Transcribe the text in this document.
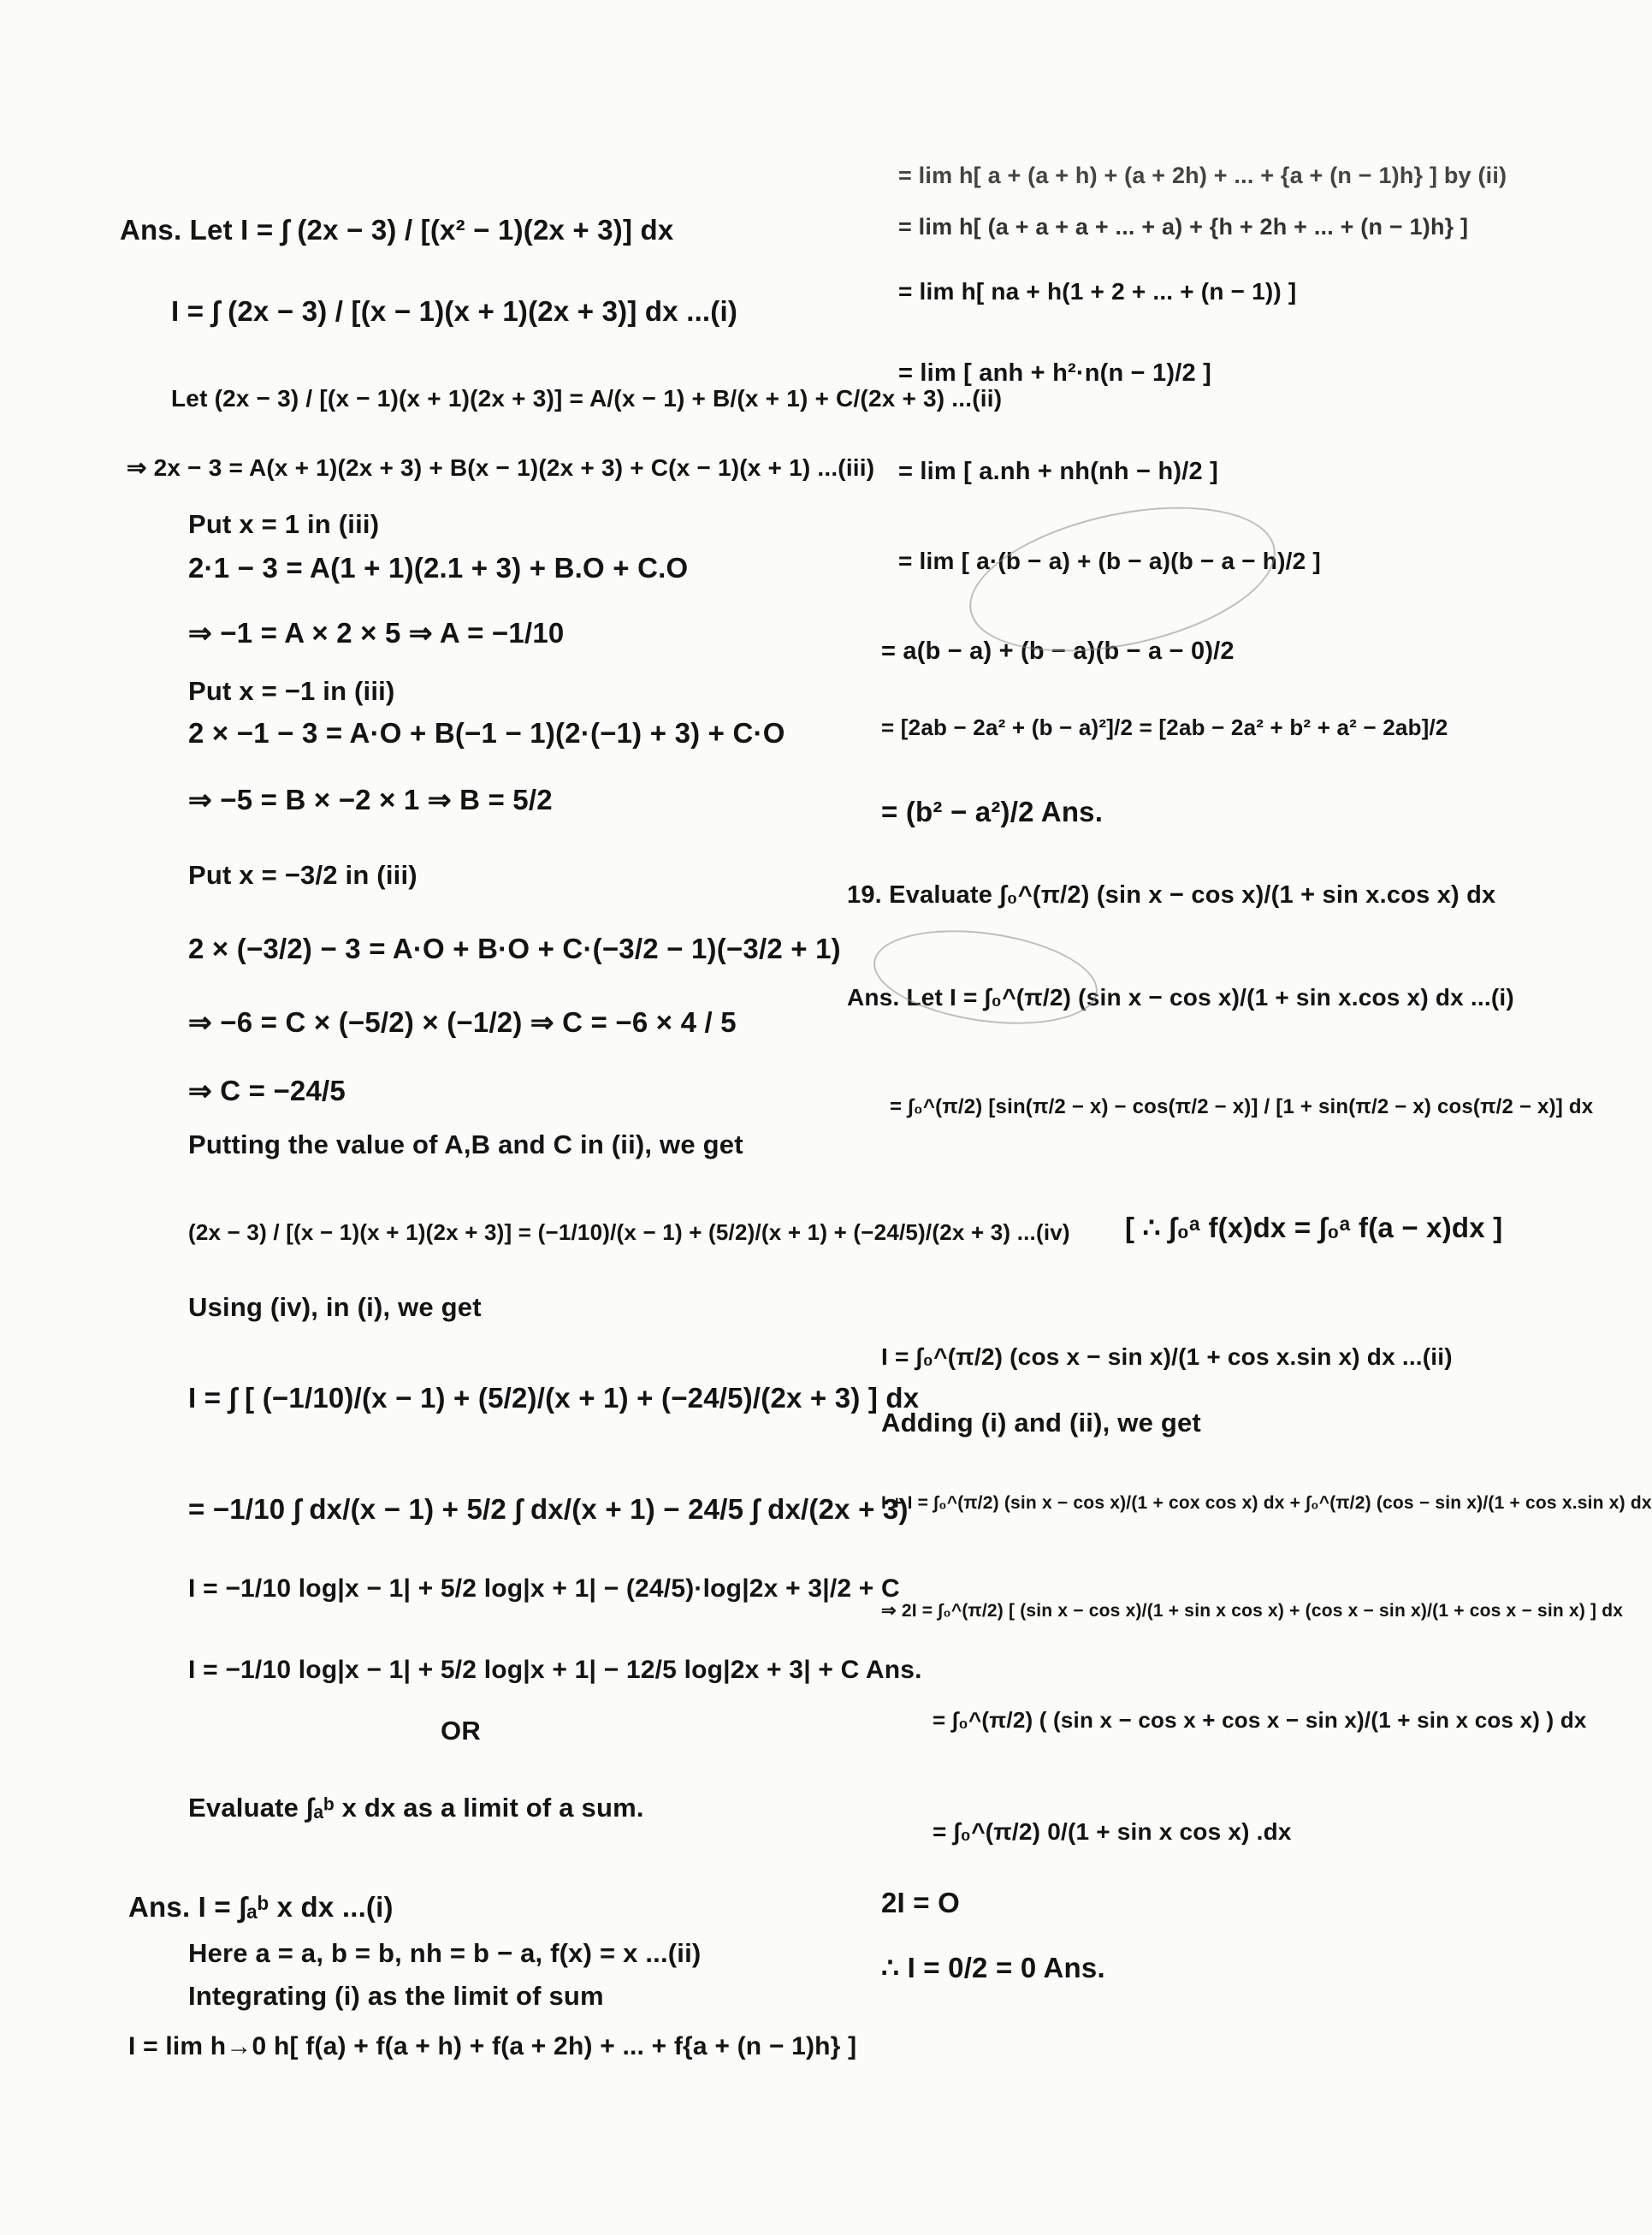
Ans. Let I = ∫ (2x − 3) / [(x² − 1)(2x + 3)] dx
I = ∫ (2x − 3) / [(x − 1)(x + 1)(2x + 3)] dx ...(i)
Let (2x − 3) / [(x − 1)(x + 1)(2x + 3)] = A/(x − 1) + B/(x + 1) + C/(2x + 3) ...(ii)
⇒ 2x − 3 = A(x + 1)(2x + 3) + B(x − 1)(2x + 3) + C(x − 1)(x + 1) ...(iii)
Put x = 1 in (iii)
2·1 − 3 = A(1 + 1)(2.1 + 3) + B.O + C.O
⇒ −1 = A × 2 × 5 ⇒ A = −1/10
Put x = −1 in (iii)
2 × −1 − 3 = A·O + B(−1 − 1)(2·(−1) + 3) + C·O
⇒ −5 = B × −2 × 1 ⇒ B = 5/2
Put x = −3/2 in (iii)
2 × (−3/2) − 3 = A·O + B·O + C·(−3/2 − 1)(−3/2 + 1)
⇒ −6 = C × (−5/2) × (−1/2) ⇒ C = −6 × 4 / 5
⇒ C = −24/5
Putting the value of A,B and C in (ii), we get
(2x − 3) / [(x − 1)(x + 1)(2x + 3)] = (−1/10)/(x − 1) + (5/2)/(x + 1) + (−24/5)/(2x + 3) ...(iv)
Using (iv), in (i), we get
I = ∫ [ (−1/10)/(x − 1) + (5/2)/(x + 1) + (−24/5)/(2x + 3) ] dx
= −1/10 ∫ dx/(x − 1) + 5/2 ∫ dx/(x + 1) − 24/5 ∫ dx/(2x + 3)
I = −1/10 log|x − 1| + 5/2 log|x + 1| − (24/5)·log|2x + 3|/2 + C
I = −1/10 log|x − 1| + 5/2 log|x + 1| − 12/5 log|2x + 3| + C Ans.
OR
Evaluate ∫ₐᵇ x dx as a limit of a sum.
Ans. I = ∫ₐᵇ x dx ...(i)
Here a = a, b = b, nh = b − a, f(x) = x ...(ii)
Integrating (i) as the limit of sum
I = lim h→0 h[ f(a) + f(a + h) + f(a + 2h) + ... + f{a + (n − 1)h} ]
= lim h[ a + (a + h) + (a + 2h) + ... + {a + (n − 1)h} ] by (ii)
= lim h[ (a + a + a + ... + a) + {h + 2h + ... + (n − 1)h} ]
= lim h[ na + h(1 + 2 + ... + (n − 1)) ]
= lim [ anh + h²·n(n − 1)/2 ]
= lim [ a.nh + nh(nh − h)/2 ]
= lim [ a·(b − a) + (b − a)(b − a − h)/2 ]
= a(b − a) + (b − a)(b − a − 0)/2
= [2ab − 2a² + (b − a)²]/2 = [2ab − 2a² + b² + a² − 2ab]/2
= (b² − a²)/2 Ans.
19. Evaluate ∫₀^(π/2) (sin x − cos x)/(1 + sin x.cos x) dx
Ans. Let I = ∫₀^(π/2) (sin x − cos x)/(1 + sin x.cos x) dx ...(i)
= ∫₀^(π/2) [sin(π/2 − x) − cos(π/2 − x)] / [1 + sin(π/2 − x) cos(π/2 − x)] dx
[ ∴ ∫₀ᵃ f(x)dx = ∫₀ᵃ f(a − x)dx ]
I = ∫₀^(π/2) (cos x − sin x)/(1 + cos x.sin x) dx ...(ii)
Adding (i) and (ii), we get
I + I = ∫₀^(π/2) (sin x − cos x)/(1 + cox cos x) dx + ∫₀^(π/2) (cos − sin x)/(1 + cos x.sin x) dx
⇒ 2I = ∫₀^(π/2) [ (sin x − cos x)/(1 + sin x cos x) + (cos x − sin x)/(1 + cos x − sin x) ] dx
= ∫₀^(π/2) ( (sin x − cos x + cos x − sin x)/(1 + sin x cos x) ) dx
= ∫₀^(π/2) 0/(1 + sin x cos x) .dx
2I = O
∴ I = 0/2 = 0 Ans.
